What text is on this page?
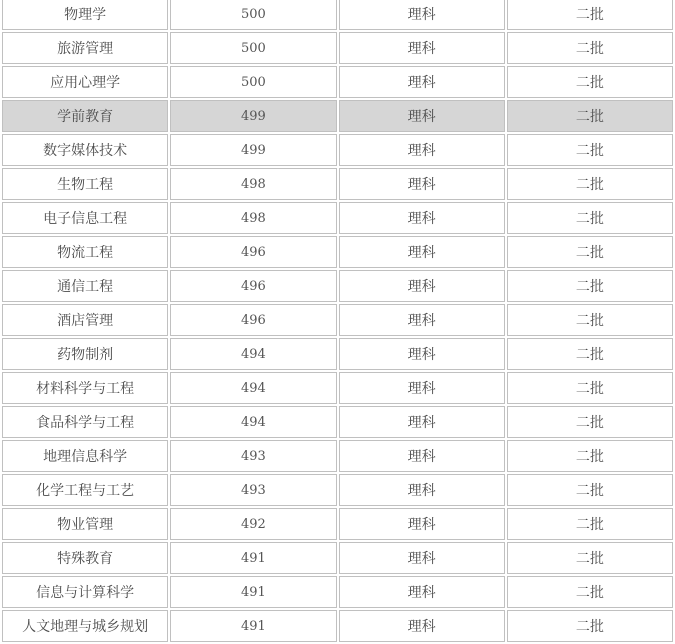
物理学	500	理科	二批
旅游管理	500	理科	二批
应用心理学	500	理科	二批
学前教育	499	理科	二批
数字媒体技术	499	理科	二批
生物工程	498	理科	二批
电子信息工程	498	理科	二批
物流工程	496	理科	二批
通信工程	496	理科	二批
酒店管理	496	理科	二批
药物制剂	494	理科	二批
材料科学与工程	494	理科	二批
食品科学与工程	494	理科	二批
地理信息科学	493	理科	二批
化学工程与工艺	493	理科	二批
物业管理	492	理科	二批
特殊教育	491	理科	二批
信息与计算科学	491	理科	二批
人文地理与城乡规划	491	理科	二批
